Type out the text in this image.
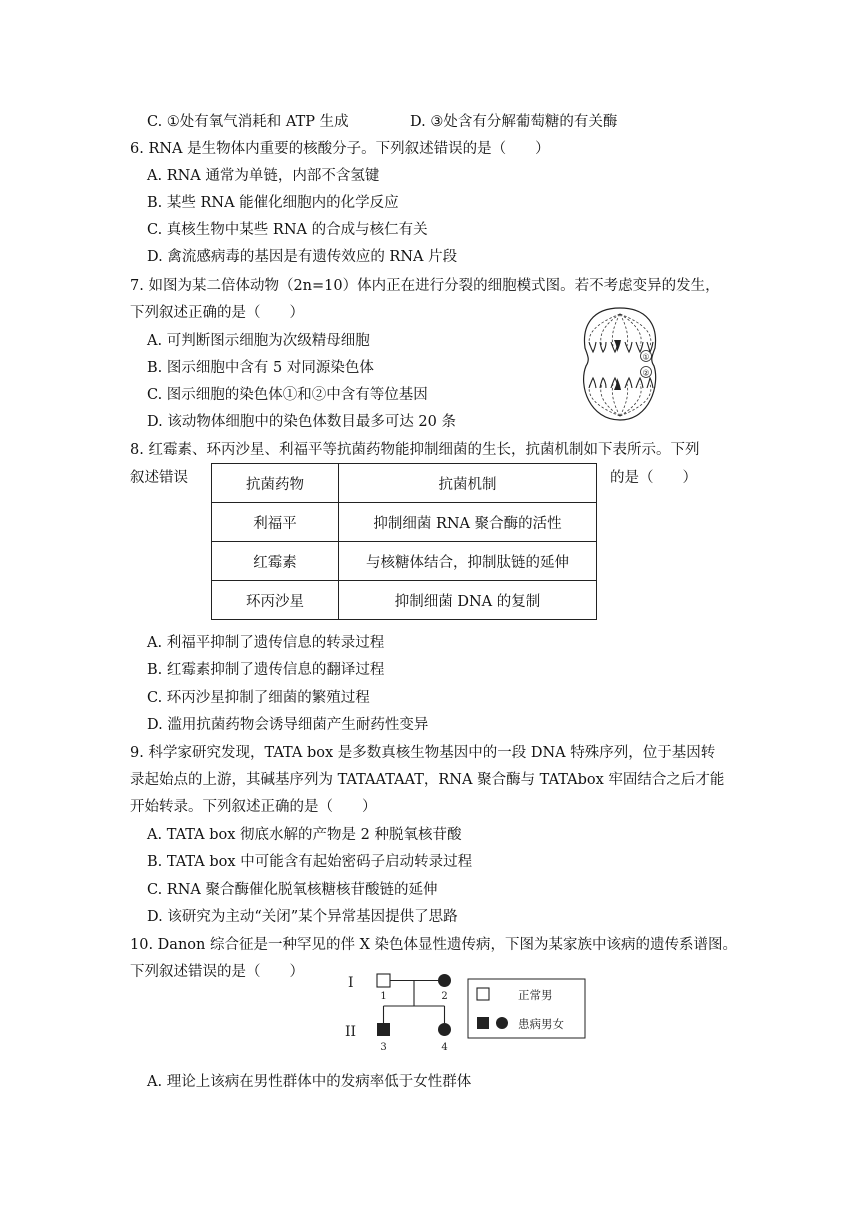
C. ①处有氧气消耗和 ATP 生成	D. ③处含有分解葡萄糖的有关酶
6. RNA 是生物体内重要的核酸分子。下列叙述错误的是（　　）
A. RNA 通常为单链，内部不含氢键
B. 某些 RNA 能催化细胞内的化学反应
C. 真核生物中某些 RNA 的合成与核仁有关
D. 禽流感病毒的基因是有遗传效应的 RNA 片段
7. 如图为某二倍体动物（2n=10）体内正在进行分裂的细胞模式图。若不考虑变异的发生，
下列叙述正确的是（　　）
A. 可判断图示细胞为次级精母细胞
B. 图示细胞中含有 5 对同源染色体
C. 图示细胞的染色体①和②中含有等位基因
D. 该动物体细胞中的染色体数目最多可达 20 条
①
②
8. 红霉素、环丙沙星、利福平等抗菌药物能抑制细菌的生长，抗菌机制如下表所示。下列
叙述错误	的是（　　）
抗菌药物	抗菌机制
利福平	抑制细菌 RNA 聚合酶的活性
红霉素	与核糖体结合，抑制肽链的延伸
环丙沙星	抑制细菌 DNA 的复制
A. 利福平抑制了遗传信息的转录过程
B. 红霉素抑制了遗传信息的翻译过程
C. 环丙沙星抑制了细菌的繁殖过程
D. 滥用抗菌药物会诱导细菌产生耐药性变异
9. 科学家研究发现，TATA box 是多数真核生物基因中的一段 DNA 特殊序列，位于基因转
录起始点的上游，其碱基序列为 TATAATAAT，RNA 聚合酶与 TATAbox 牢固结合之后才能
开始转录。下列叙述正确的是（　　）
A. TATA box 彻底水解的产物是 2 种脱氧核苷酸
B. TATA box 中可能含有起始密码子启动转录过程
C. RNA 聚合酶催化脱氧核糖核苷酸链的延伸
D. 该研究为主动“关闭”某个异常基因提供了思路
10. Danon 综合征是一种罕见的伴 X 染色体显性遗传病，下图为某家族中该病的遗传系谱图。
下列叙述错误的是（　　）
I
II
1	2
3	4
正常男
患病男女
A. 理论上该病在男性群体中的发病率低于女性群体
